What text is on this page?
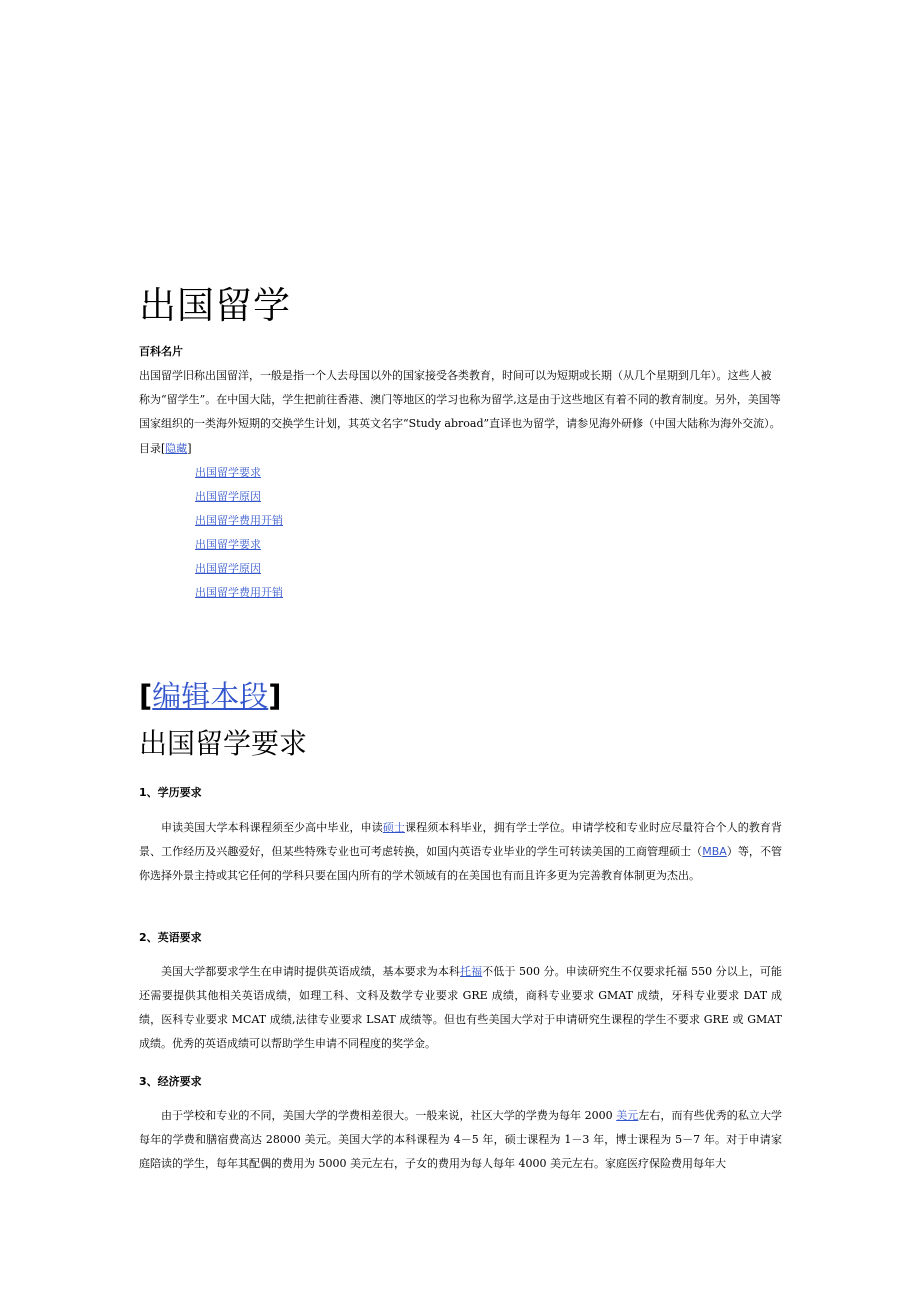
出国留学
百科名片

出国留学旧称出国留洋，一般是指一个人去母国以外的国家接受各类教育，时间可以为短期或长期（从几个星期到几年）。这些人被称为“留学生”。在中国大陆，学生把前往香港、澳门等地区的学习也称为留学,这是由于这些地区有着不同的教育制度。另外，美国等国家组织的一类海外短期的交换学生计划，其英文名字“Study abroad”直译也为留学，请参见海外研修（中国大陆称为海外交流）。

目录[隐藏]
出国留学要求
出国留学原因
出国留学费用开销
出国留学要求
出国留学原因
出国留学费用开销
[编辑本段]
出国留学要求
1、学历要求

申读美国大学本科课程须至少高中毕业，申读硕士课程须本科毕业，拥有学士学位。申请学校和专业时应尽量符合个人的教育背景、工作经历及兴趣爱好，但某些特殊专业也可考虑转换，如国内英语专业毕业的学生可转读美国的工商管理硕士（MBA）等，不管你选择外景主持或其它任何的学科只要在国内所有的学术领域有的在美国也有而且许多更为完善教育体制更为杰出。

2、英语要求

美国大学都要求学生在申请时提供英语成绩，基本要求为本科托福不低于 500 分。申读研究生不仅要求托福 550 分以上，可能还需要提供其他相关英语成绩，如理工科、文科及数学专业要求 GRE 成绩，商科专业要求 GMAT 成绩，牙科专业要求 DAT 成绩，医科专业要求 MCAT 成绩,法律专业要求 LSAT 成绩等。但也有些美国大学对于申请研究生课程的学生不要求 GRE 或 GMAT 成绩。优秀的英语成绩可以帮助学生申请不同程度的奖学金。

3、经济要求

由于学校和专业的不同，美国大学的学费相差很大。一般来说，社区大学的学费为每年 2000 美元左右，而有些优秀的私立大学每年的学费和膳宿费高达 28000 美元。美国大学的本科课程为 4－5 年，硕士课程为 1－3 年，博士课程为 5－7 年。对于申请家庭陪读的学生，每年其配偶的费用为 5000 美元左右，子女的费用为每人每年 4000 美元左右。家庭医疗保险费用每年大
